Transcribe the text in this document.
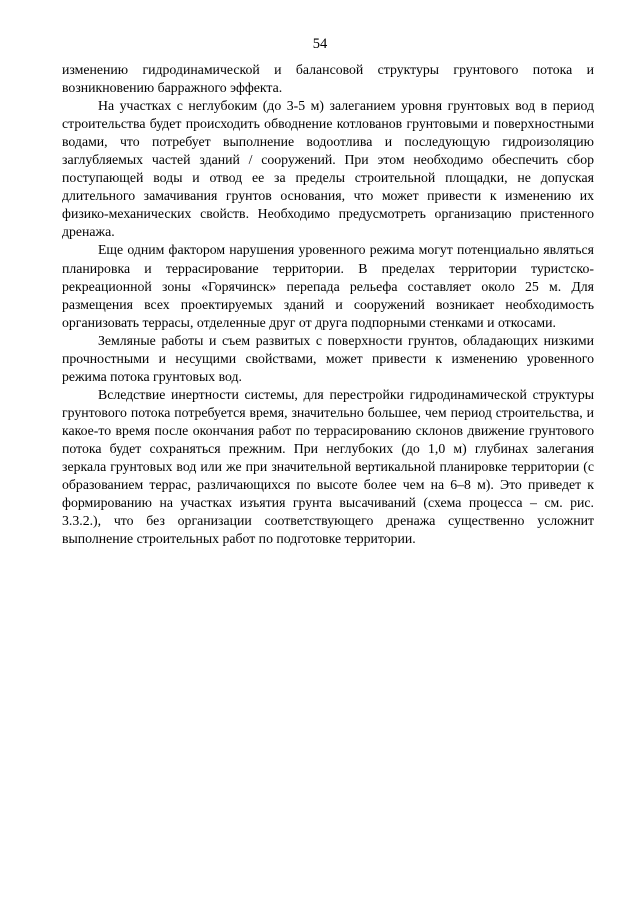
54

изменению гидродинамической и балансовой структуры грунтового потока и возникновению барражного эффекта.

На участках с неглубоким (до 3-5 м) залеганием уровня грунтовых вод в период строительства будет происходить обводнение котлованов грунтовыми и поверхностными водами, что потребует выполнение водоотлива и последующую гидроизоляцию заглубляемых частей зданий / сооружений. При этом необходимо обеспечить сбор поступающей воды и отвод ее за пределы строительной площадки, не допуская длительного замачивания грунтов основания, что может привести к изменению их физико-механических свойств. Необходимо предусмотреть организацию пристенного дренажа.

Еще одним фактором нарушения уровенного режима могут потенциально являться планировка и террасирование территории. В пределах территории туристско-рекреационной зоны «Горячинск» перепада рельефа составляет около 25 м. Для размещения всех проектируемых зданий и сооружений возникает необходимость организовать террасы, отделенные друг от друга подпорными стенками и откосами.

Земляные работы и съем развитых с поверхности грунтов, обладающих низкими прочностными и несущими свойствами, может привести к изменению уровенного режима потока грунтовых вод.

Вследствие инертности системы, для перестройки гидродинамической структуры грунтового потока потребуется время, значительно большее, чем период строительства, и какое-то время после окончания работ по террасированию склонов движение грунтового потока будет сохраняться прежним. При неглубоких (до 1,0 м) глубинах залегания зеркала грунтовых вод или же при значительной вертикальной планировке территории (с образованием террас, различающихся по высоте более чем на 6–8 м). Это приведет к формированию на участках изъятия грунта высачиваний (схема процесса – см. рис. 3.3.2.), что без организации соответствующего дренажа существенно усложнит выполнение строительных работ по подготовке территории.
